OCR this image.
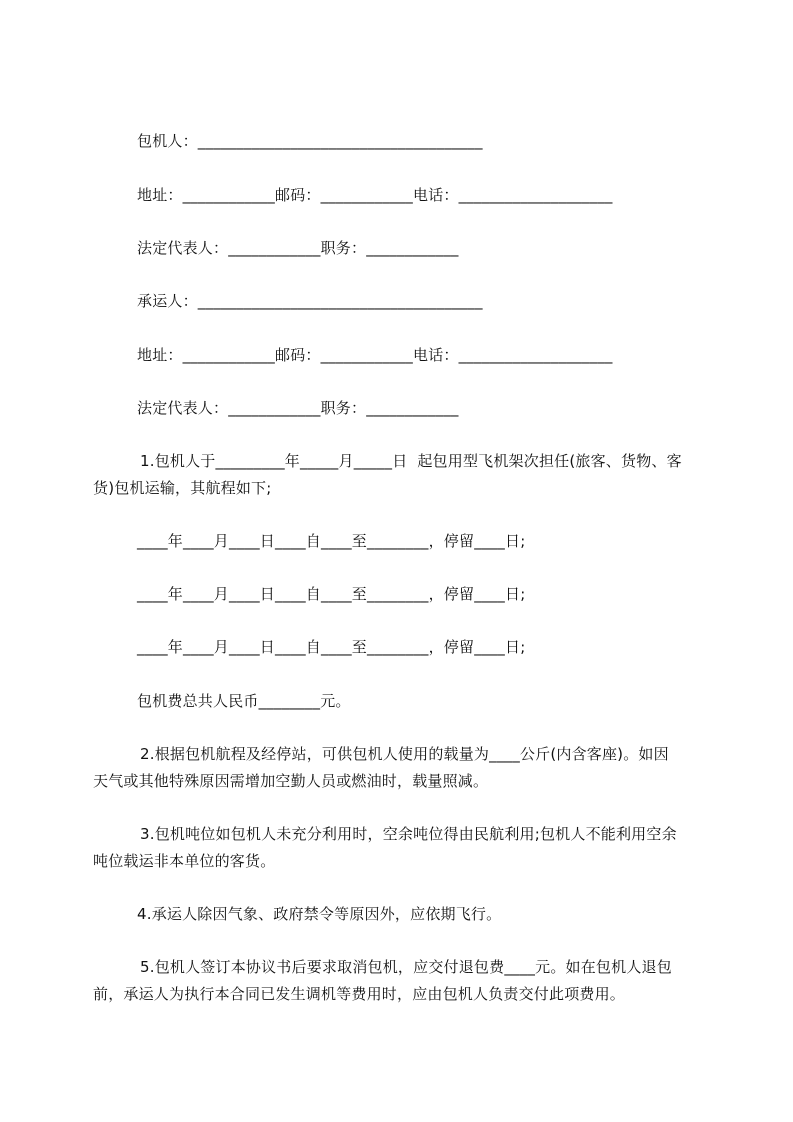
包机人：_____________________________________
地址：____________邮码：____________电话：____________________
法定代表人：____________职务：____________
承运人：_____________________________________
地址：____________邮码：____________电话：____________________
法定代表人：____________职务：____________
1.包机人于_________年_____月_____日  起包用型飞机架次担任(旅客、货物、客
货)包机运输，其航程如下;
____年____月____日____自____至________，停留____日;
____年____月____日____自____至________，停留____日;
____年____月____日____自____至________，停留____日;
包机费总共人民币________元。
2.根据包机航程及经停站，可供包机人使用的载量为____公斤(内含客座)。如因
天气或其他特殊原因需增加空勤人员或燃油时，载量照减。
3.包机吨位如包机人未充分利用时，空余吨位得由民航利用;包机人不能利用空余
吨位载运非本单位的客货。
4.承运人除因气象、政府禁令等原因外，应依期飞行。
5.包机人签订本协议书后要求取消包机，应交付退包费____元。如在包机人退包
前，承运人为执行本合同已发生调机等费用时，应由包机人负责交付此项费用。
